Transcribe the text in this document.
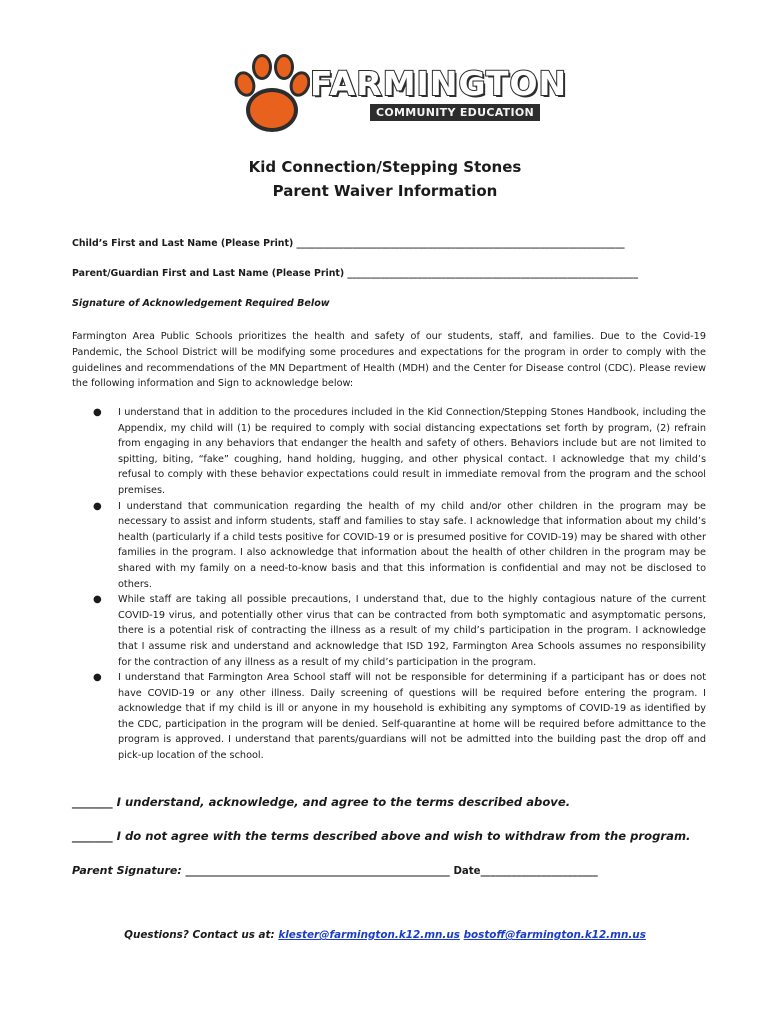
FARMINGTON
COMMUNITY EDUCATION
Kid Connection/Stepping Stones
Parent Waiver Information
Child’s First and Last Name (Please Print) ______________________________________________________________________
Parent/Guardian First and Last Name (Please Print) ______________________________________________________________
Signature of Acknowledgement Required Below
Farmington Area Public Schools prioritizes the health and safety of our students, staff, and families. Due to the Covid-19 Pandemic, the School District will be modifying some procedures and expectations for the program in order to comply with the guidelines and recommendations of the MN Department of Health (MDH) and the Center for Disease control (CDC). Please review the following information and Sign to acknowledge below:
● I understand that in addition to the procedures included in the Kid Connection/Stepping Stones Handbook, including the Appendix, my child will (1) be required to comply with social distancing expectations set forth by program, (2) refrain from engaging in any behaviors that endanger the health and safety of others. Behaviors include but are not limited to spitting, biting, “fake” coughing, hand holding, hugging, and other physical contact. I acknowledge that my child’s refusal to comply with these behavior expectations could result in immediate removal from the program and the school premises.
● I understand that communication regarding the health of my child and/or other children in the program may be necessary to assist and inform students, staff and families to stay safe. I acknowledge that information about my child’s health (particularly if a child tests positive for COVID-19 or is presumed positive for COVID-19) may be shared with other families in the program. I also acknowledge that information about the health of other children in the program may be shared with my family on a need-to-know basis and that this information is confidential and may not be disclosed to others.
● While staff are taking all possible precautions, I understand that, due to the highly contagious nature of the current COVID-19 virus, and potentially other virus that can be contracted from both symptomatic and asymptomatic persons, there is a potential risk of contracting the illness as a result of my child’s participation in the program. I acknowledge that I assume risk and understand and acknowledge that ISD 192, Farmington Area Schools assumes no responsibility for the contraction of any illness as a result of my child’s participation in the program.
● I understand that Farmington Area School staff will not be responsible for determining if a participant has or does not have COVID-19 or any other illness. Daily screening of questions will be required before entering the program. I acknowledge that if my child is ill or anyone in my household is exhibiting any symptoms of COVID-19 as identified by the CDC, participation in the program will be denied. Self-quarantine at home will be required before admittance to the program is approved. I understand that parents/guardians will not be admitted into the building past the drop off and pick-up location of the school.
_______ I understand, acknowledge, and agree to the terms described above.
_______ I do not agree with the terms described above and wish to withdraw from the program.
Parent Signature: ________________________________________________ Date_______________________
Questions? Contact us at: klester@farmington.k12.mn.us bostoff@farmington.k12.mn.us
